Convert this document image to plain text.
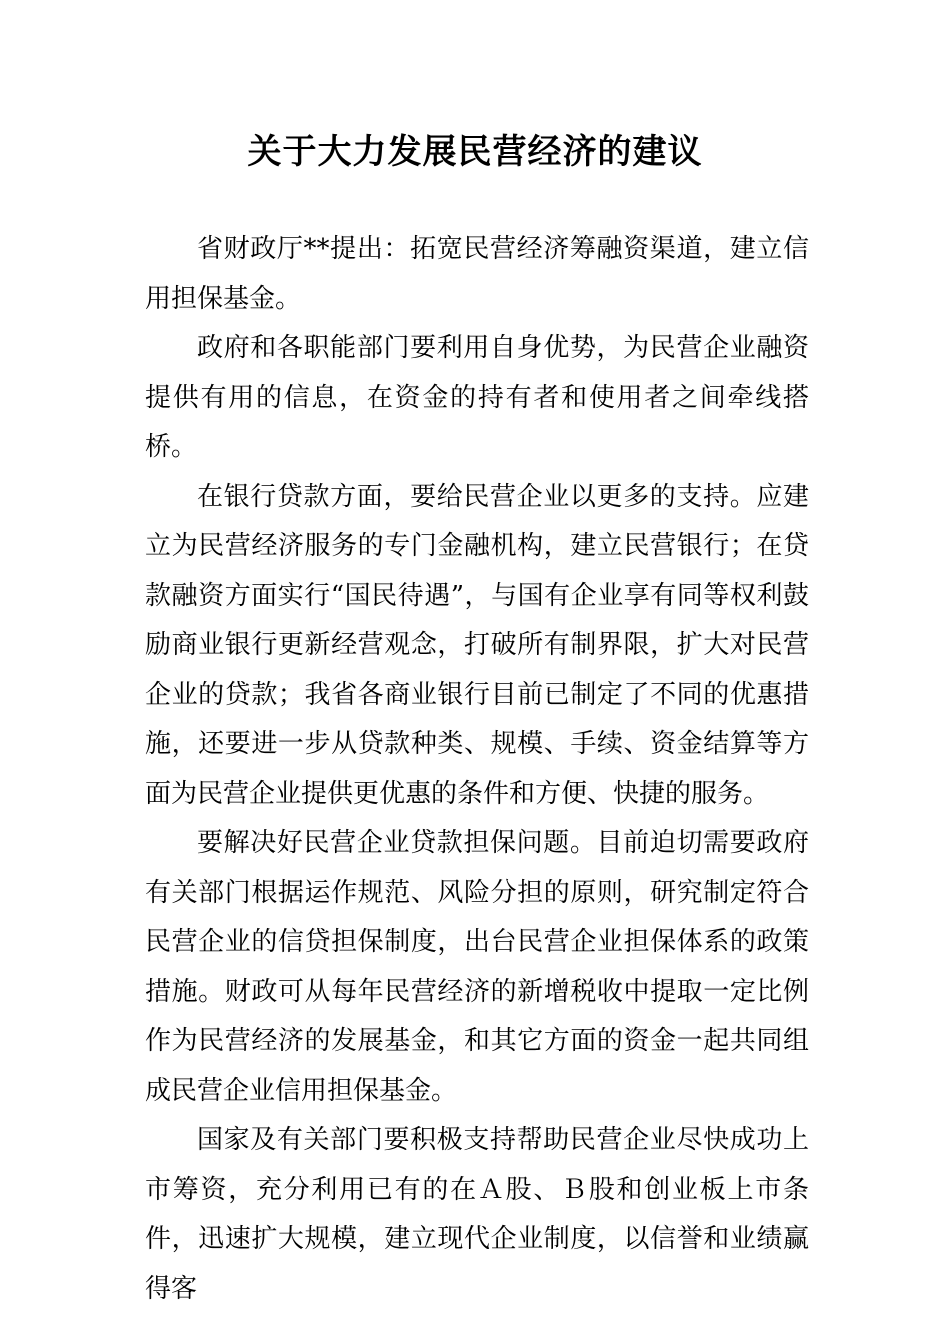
关于大力发展民营经济的建议

省财政厅**提出：拓宽民营经济筹融资渠道，建立信用担保基金。

政府和各职能部门要利用自身优势，为民营企业融资提供有用的信息，在资金的持有者和使用者之间牵线搭桥。

在银行贷款方面，要给民营企业以更多的支持。应建立为民营经济服务的专门金融机构，建立民营银行；在贷款融资方面实行“国民待遇”，与国有企业享有同等权利鼓励商业银行更新经营观念，打破所有制界限，扩大对民营企业的贷款；我省各商业银行目前已制定了不同的优惠措施，还要进一步从贷款种类、规模、手续、资金结算等方面为民营企业提供更优惠的条件和方便、快捷的服务。

要解决好民营企业贷款担保问题。目前迫切需要政府有关部门根据运作规范、风险分担的原则，研究制定符合民营企业的信贷担保制度，出台民营企业担保体系的政策措施。财政可从每年民营经济的新增税收中提取一定比例作为民营经济的发展基金，和其它方面的资金一起共同组成民营企业信用担保基金。

国家及有关部门要积极支持帮助民营企业尽快成功上市筹资，充分利用已有的在Ａ股、Ｂ股和创业板上市条件，迅速扩大规模，建立现代企业制度，以信誉和业绩赢得客
